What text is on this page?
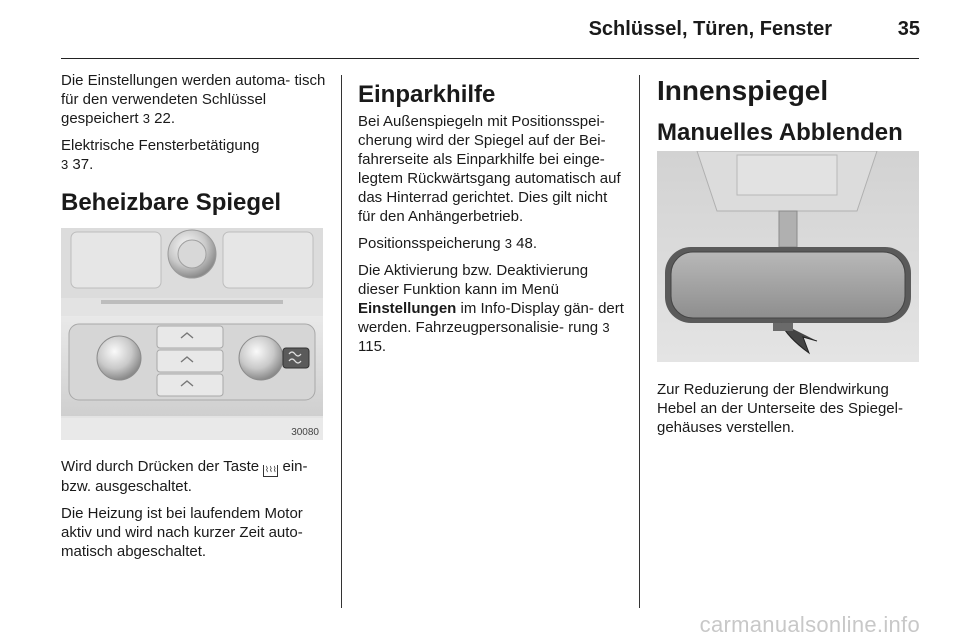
Schlüssel, Türen, Fenster	35

Die Einstellungen werden automa- tisch für den verwendeten Schlüssel gespeichert 3 22.

Elektrische Fensterbetätigung
3 37.

Beheizbare Spiegel
30080

Wird durch Drücken der Taste ⌇⌇⌇ ein- bzw. ausgeschaltet.

Die Heizung ist bei laufendem Motor aktiv und wird nach kurzer Zeit auto- matisch abgeschaltet.

Einparkhilfe

Bei Außenspiegeln mit Positionsspei- cherung wird der Spiegel auf der Bei- fahrerseite als Einparkhilfe bei einge- legtem Rückwärtsgang automatisch auf das Hinterrad gerichtet. Dies gilt nicht für den Anhängerbetrieb.

Positionsspeicherung 3 48.

Die Aktivierung bzw. Deaktivierung dieser Funktion kann im Menü Einstellungen im Info-Display gän- dert werden. Fahrzeugpersonalisie- rung 3 115.

Innenspiegel
Manuelles Abblenden

Zur Reduzierung der Blendwirkung Hebel an der Unterseite des Spiegel- gehäuses verstellen.

carmanualsonline.info
